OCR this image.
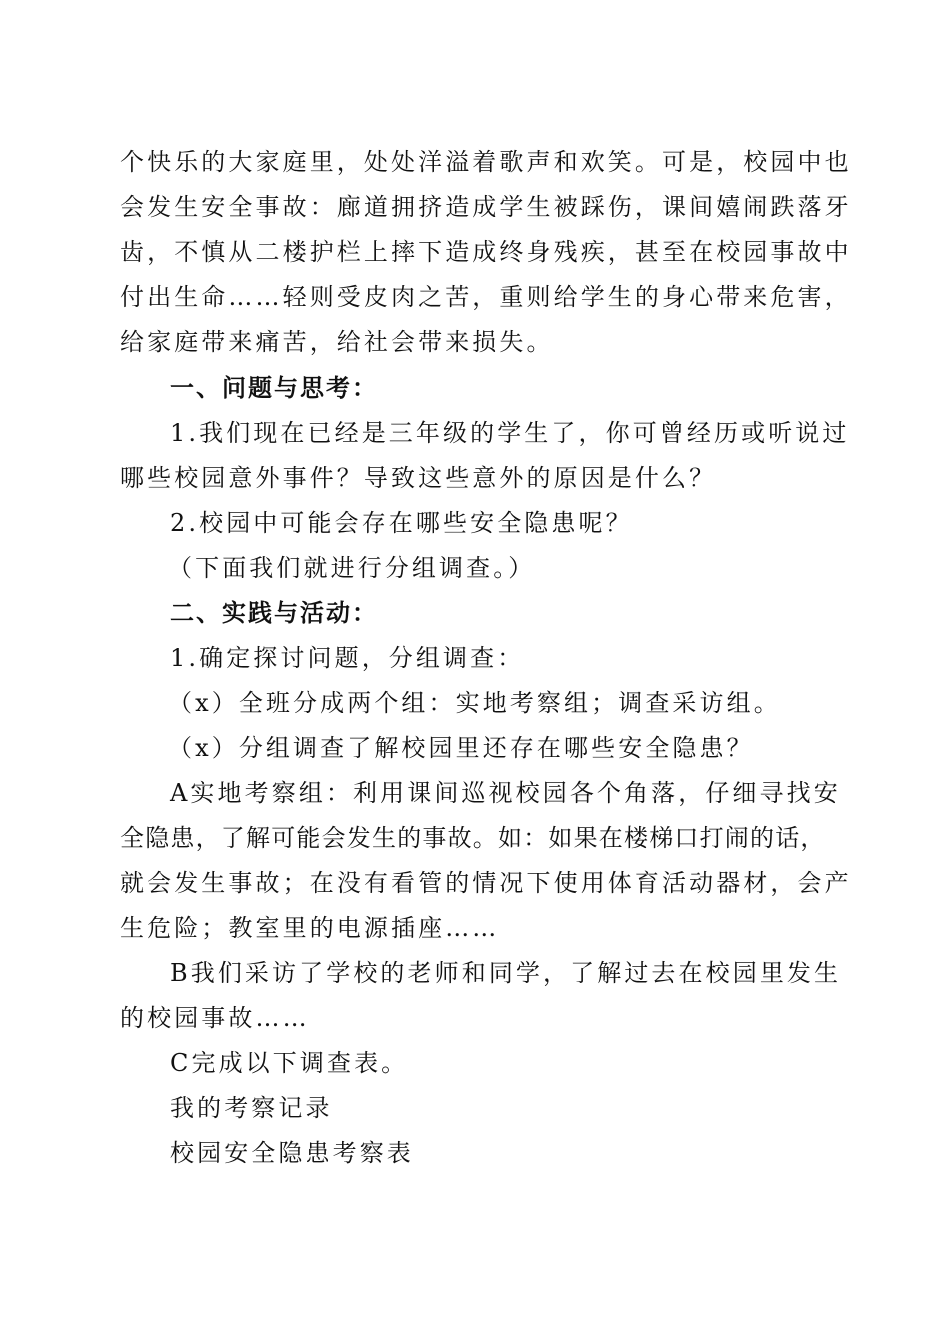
个快乐的大家庭里，处处洋溢着歌声和欢笑。可是，校园中也
会发生安全事故：廊道拥挤造成学生被踩伤，课间嬉闹跌落牙
齿，不慎从二楼护栏上摔下造成终身残疾，甚至在校园事故中
付出生命……轻则受皮肉之苦，重则给学生的身心带来危害，
给家庭带来痛苦，给社会带来损失。
一、问题与思考：
1.我们现在已经是三年级的学生了，你可曾经历或听说过
哪些校园意外事件？导致这些意外的原因是什么？
2.校园中可能会存在哪些安全隐患呢？
（下面我们就进行分组调查。）
二、实践与活动：
1.确定探讨问题，分组调查：
（x）全班分成两个组：实地考察组；调查采访组。
（x）分组调查了解校园里还存在哪些安全隐患？
A实地考察组：利用课间巡视校园各个角落，仔细寻找安
全隐患，了解可能会发生的事故。如：如果在楼梯口打闹的话，
就会发生事故；在没有看管的情况下使用体育活动器材，会产
生危险；教室里的电源插座……
B我们采访了学校的老师和同学，了解过去在校园里发生
的校园事故……
C完成以下调查表。
我的考察记录
校园安全隐患考察表
